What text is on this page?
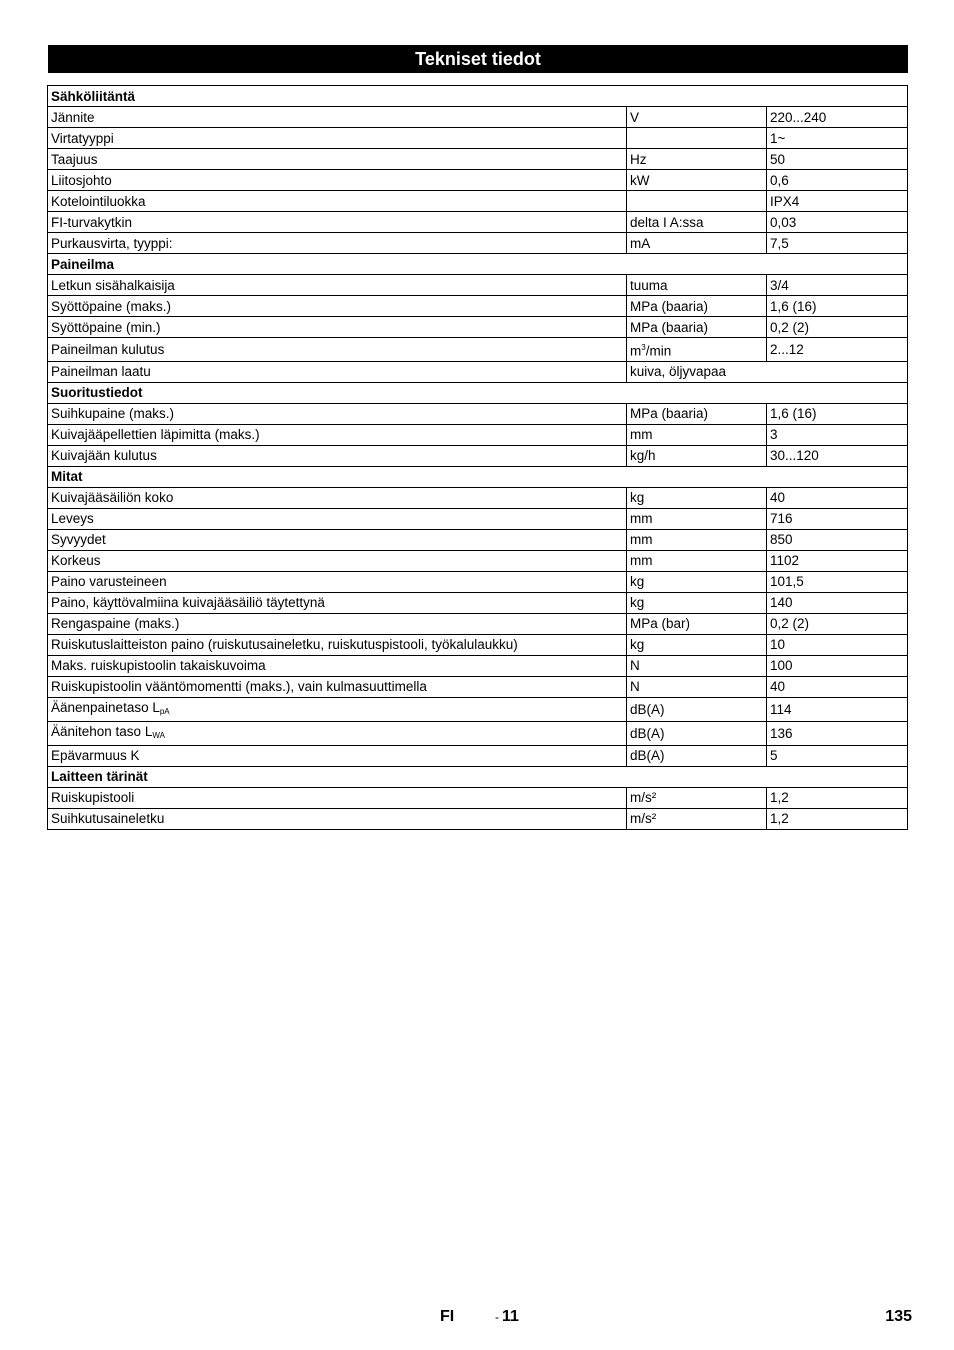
Tekniset tiedot
Sähköliitäntä		
Jännite	V	220...240
Virtatyyppi		1~
Taajuus	Hz	50
Liitosjohto	kW	0,6
Kotelointiluokka		IPX4
FI-turvakytkin	delta I A:ssa	0,03
Purkausvirta, tyyppi:	mA	7,5
Paineilma		
Letkun sisähalkaisija	tuuma	3/4
Syöttöpaine (maks.)	MPa (baaria)	1,6 (16)
Syöttöpaine (min.)	MPa (baaria)	0,2 (2)
Paineilman kulutus	$m^3/\min$	2...12
Paineilman laatu	kuiva, öljyvapaa	
Suoritustiedot		
Suihkupaine (maks.)	MPa (baaria)	1,6 (16)
Kuivajääpellettien läpimitta (maks.)	mm	3
Kuivajään kulutus	kg/h	30...120
Mitat		
Kuivajääsäiliön koko	kg	40
Leveys	mm	716
Syvyydet	mm	850
Korkeus	mm	1102
Paino varusteineen	kg	101,5
Paino, käyttövalmiina kuivajääsäiliö täytettynä	kg	140
Rengaspaine (maks.)	MPa (bar)	0,2 (2)
Ruiskutuslaitteiston paino (ruiskutusaineletku, ruiskutuspistooli, työkalulaukku)	kg	10
Maks. ruiskupistoolin takaiskuvoima	N	100
Ruiskupistoolin vääntömomentti (maks.), vain kulmasuuttimella	N	40
Äänenpainetaso $L_{pA}$	dB(A)	114
Äänitehon taso $L_{WA}$	dB(A)	136
Epävarmuus K	dB(A)	5
Laitteen tärinät		
Ruiskupistooli	m/s²	1,2
Suihkutusaineletku	m/s²	1,2
FI	- 11	135
